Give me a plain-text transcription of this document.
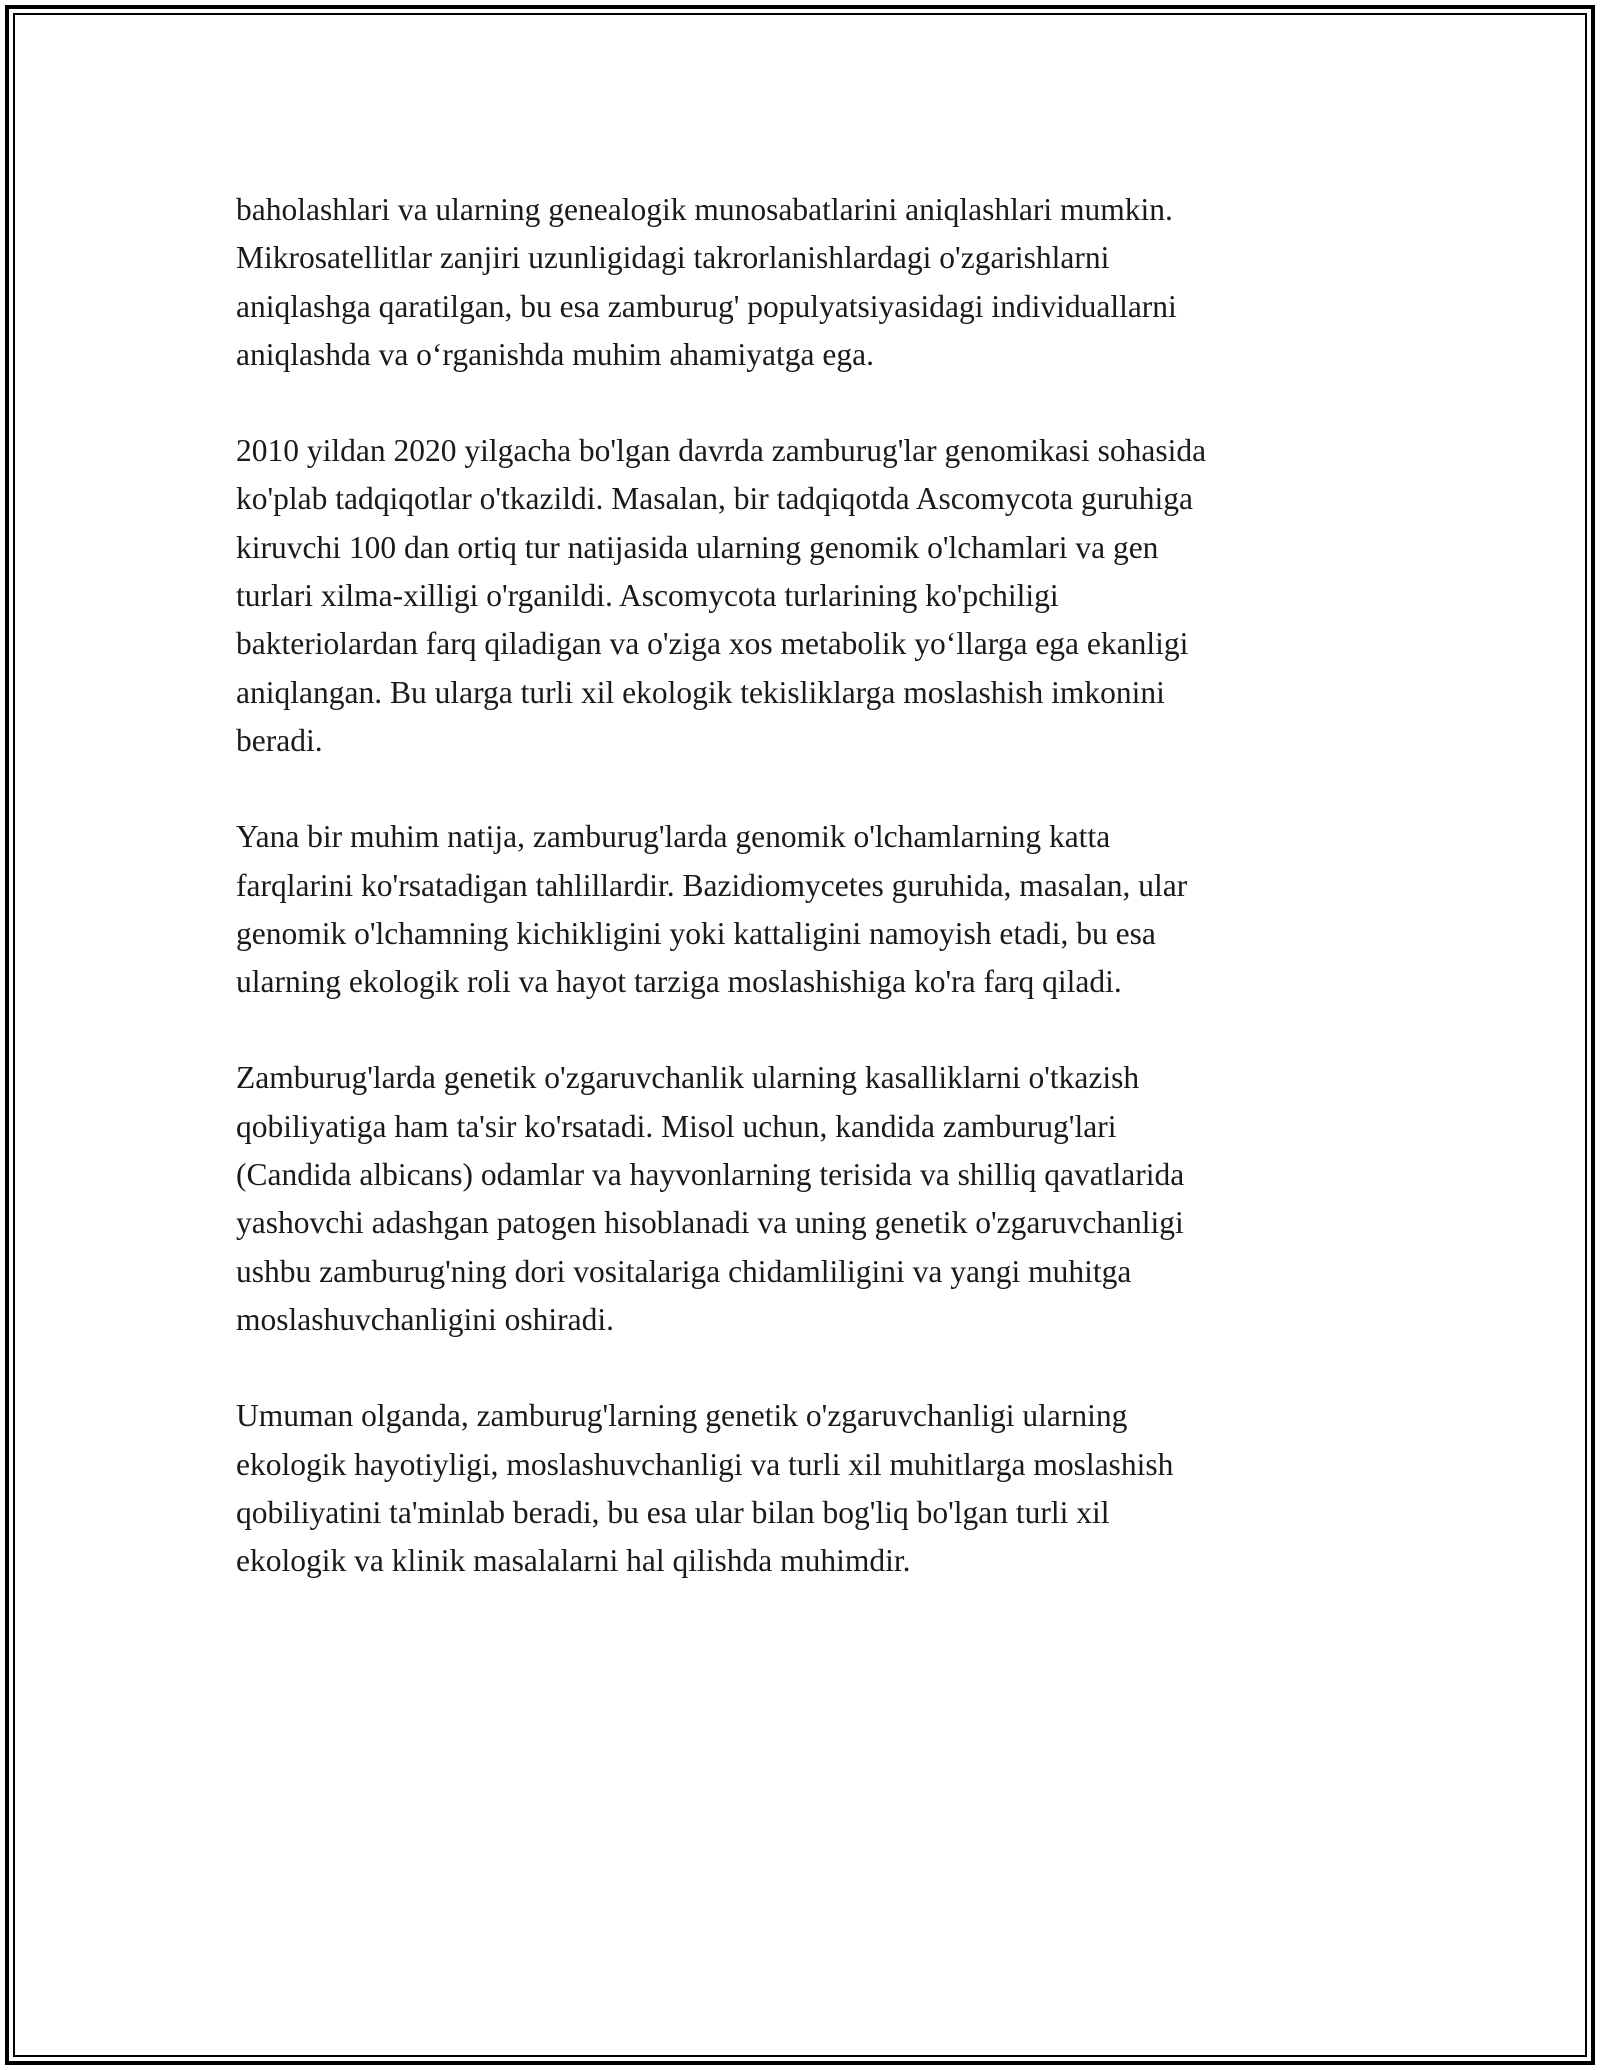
baholashlari va ularning genealogik munosabatlarini aniqlashlari mumkin.
Mikrosatellitlar zanjiri uzunligidagi takrorlanishlardagi o'zgarishlarni
aniqlashga qaratilgan, bu esa zamburug' populyatsiyasidagi individuallarni
aniqlashda va o‘rganishda muhim ahamiyatga ega.

2010 yildan 2020 yilgacha bo'lgan davrda zamburug'lar genomikasi sohasida
ko'plab tadqiqotlar o'tkazildi. Masalan, bir tadqiqotda Ascomycota guruhiga
kiruvchi 100 dan ortiq tur natijasida ularning genomik o'lchamlari va gen
turlari xilma-xilligi o'rganildi. Ascomycota turlarining ko'pchiligi
bakteriolardan farq qiladigan va o'ziga xos metabolik yo‘llarga ega ekanligi
aniqlangan. Bu ularga turli xil ekologik tekisliklarga moslashish imkonini
beradi.

Yana bir muhim natija, zamburug'larda genomik o'lchamlarning katta
farqlarini ko'rsatadigan tahlillardir. Bazidiomycetes guruhida, masalan, ular
genomik o'lchamning kichikligini yoki kattaligini namoyish etadi, bu esa
ularning ekologik roli va hayot tarziga moslashishiga ko'ra farq qiladi.

Zamburug'larda genetik o'zgaruvchanlik ularning kasalliklarni o'tkazish
qobiliyatiga ham ta'sir ko'rsatadi. Misol uchun, kandida zamburug'lari
(Candida albicans) odamlar va hayvonlarning terisida va shilliq qavatlarida
yashovchi adashgan patogen hisoblanadi va uning genetik o'zgaruvchanligi
ushbu zamburug'ning dori vositalariga chidamliligini va yangi muhitga
moslashuvchanligini oshiradi.

Umuman olganda, zamburug'larning genetik o'zgaruvchanligi ularning
ekologik hayotiyligi, moslashuvchanligi va turli xil muhitlarga moslashish
qobiliyatini ta'minlab beradi, bu esa ular bilan bog'liq bo'lgan turli xil
ekologik va klinik masalalarni hal qilishda muhimdir.
